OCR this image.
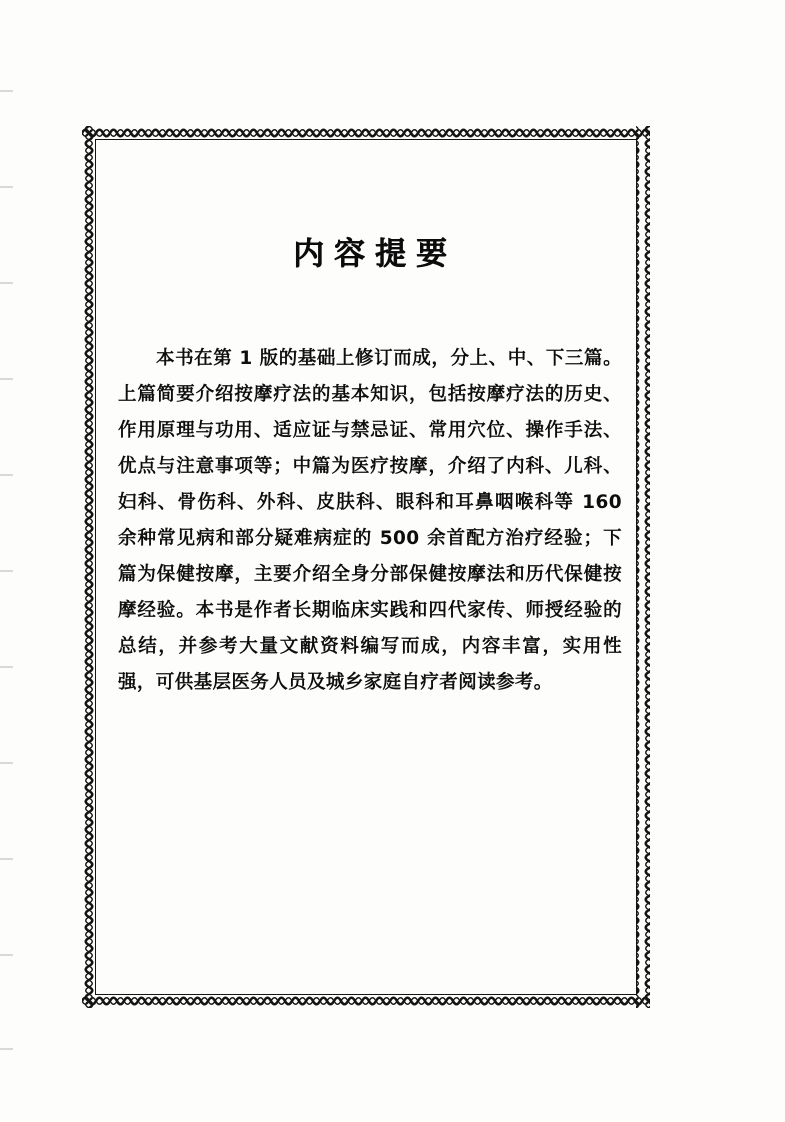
内容提要

本书在第 1 版的基础上修订而成，分上、中、下三篇。上篇简要介绍按摩疗法的基本知识，包括按摩疗法的历史、作用原理与功用、适应证与禁忌证、常用穴位、操作手法、优点与注意事项等；中篇为医疗按摩，介绍了内科、儿科、妇科、骨伤科、外科、皮肤科、眼科和耳鼻咽喉科等 160 余种常见病和部分疑难病症的 500 余首配方治疗经验；下篇为保健按摩，主要介绍全身分部保健按摩法和历代保健按摩经验。本书是作者长期临床实践和四代家传、师授经验的总结，并参考大量文献资料编写而成，内容丰富，实用性强，可供基层医务人员及城乡家庭自疗者阅读参考。
